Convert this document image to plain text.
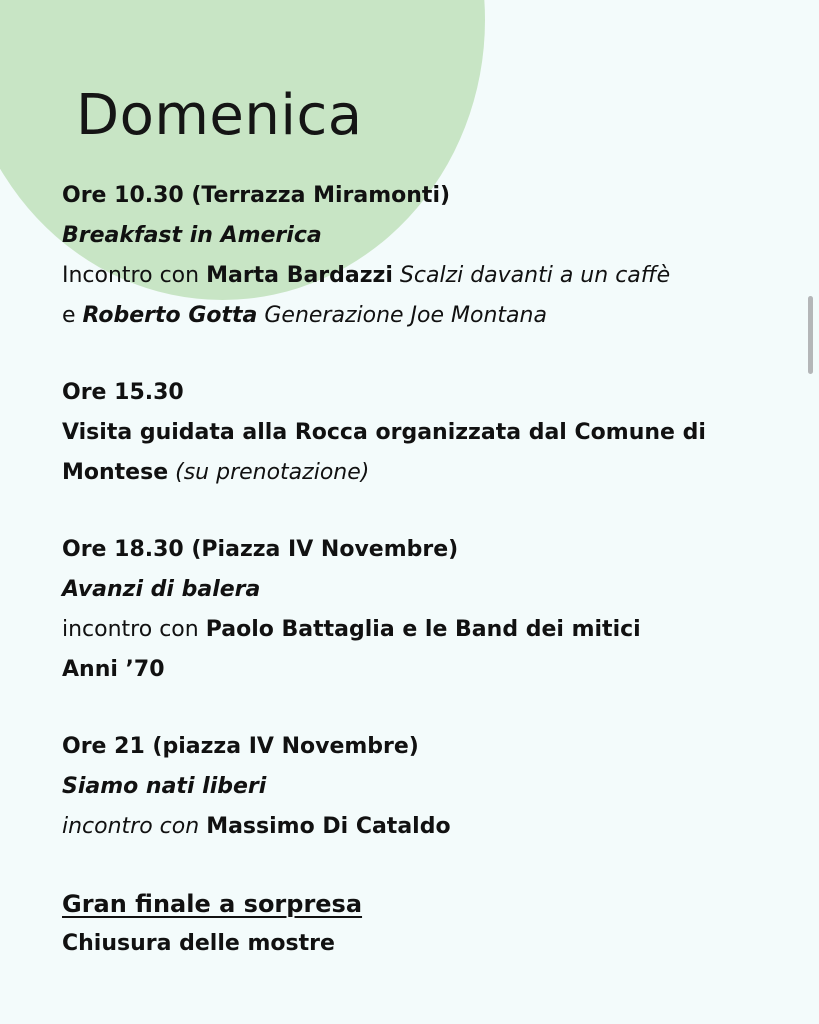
Domenica
Ore 10.30 (Terrazza Miramonti)
Breakfast in America
Incontro con Marta Bardazzi Scalzi davanti a un caffè
e Roberto Gotta Generazione Joe Montana
Ore 15.30
Visita guidata alla Rocca organizzata dal Comune di
Montese (su prenotazione)
Ore 18.30 (Piazza IV Novembre)
Avanzi di balera
incontro con Paolo Battaglia e le Band dei mitici
Anni ’70
Ore 21 (piazza IV Novembre)
Siamo nati liberi
incontro con Massimo Di Cataldo
Gran finale a sorpresa
Chiusura delle mostre
